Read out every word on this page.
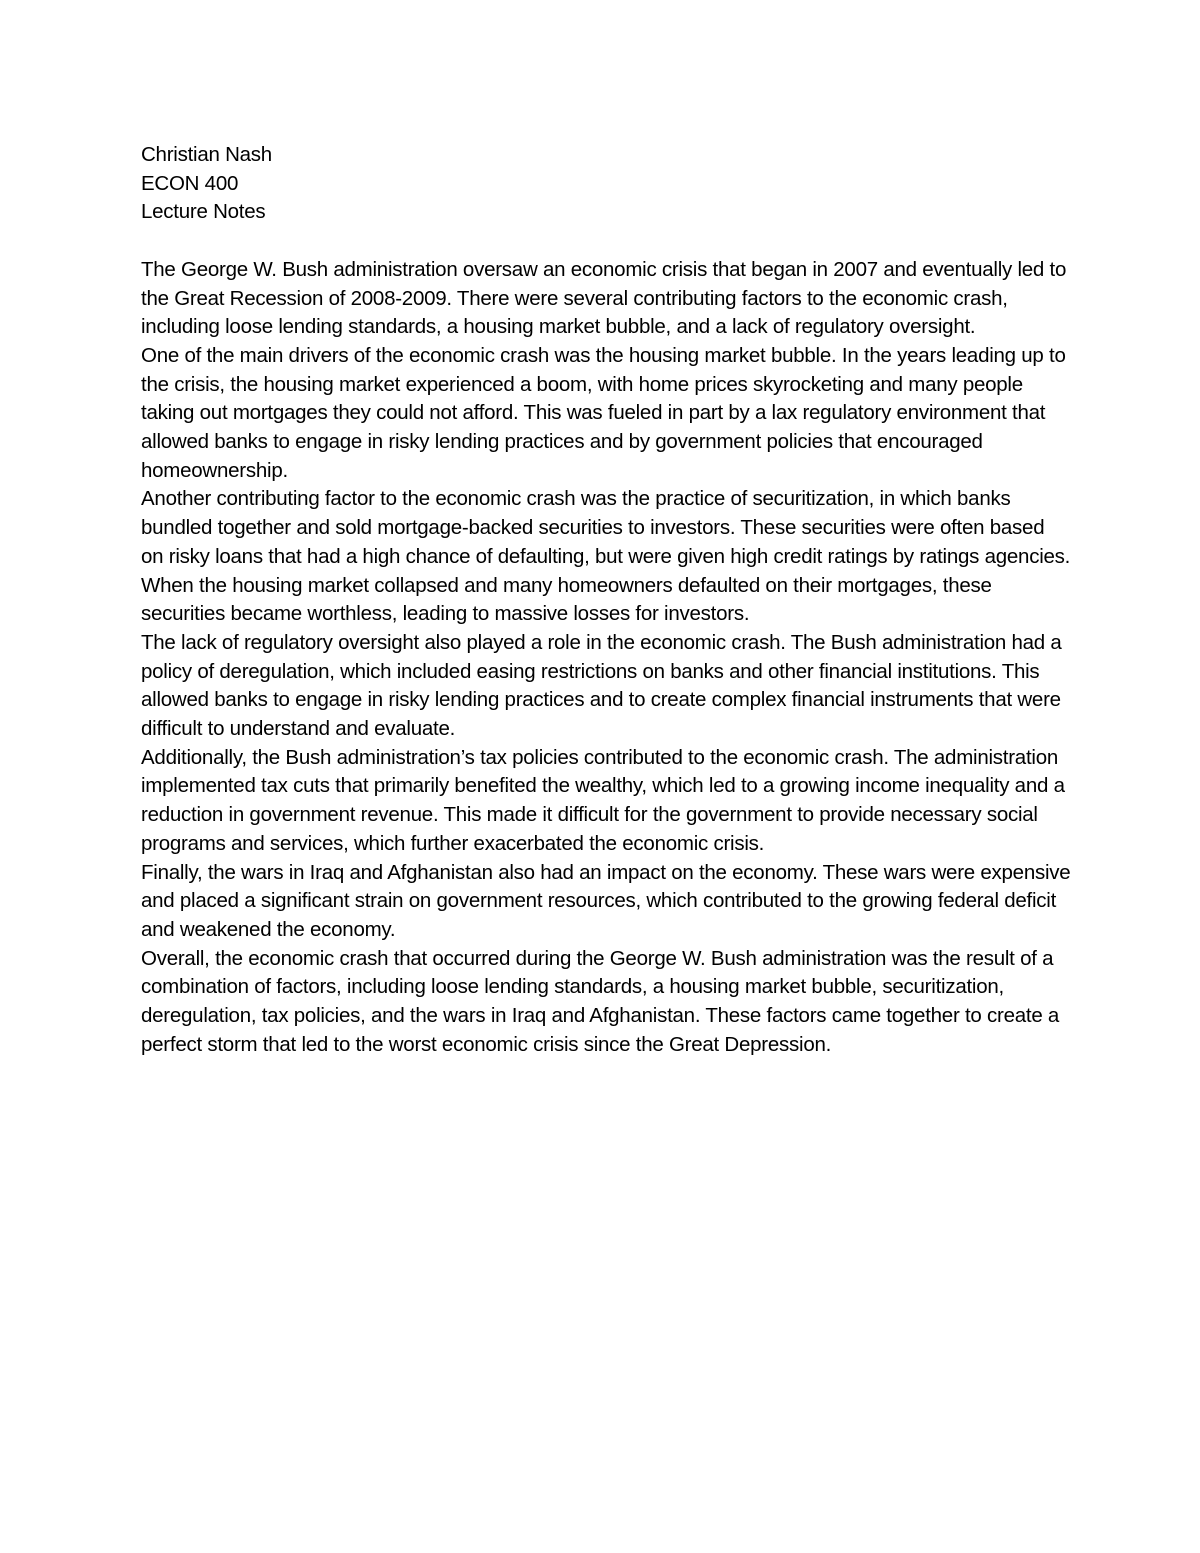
Christian Nash

ECON 400

Lecture Notes

The George W. Bush administration oversaw an economic crisis that began in 2007 and eventually led to the Great Recession of 2008-2009. There were several contributing factors to the economic crash, including loose lending standards, a housing market bubble, and a lack of regulatory oversight.

One of the main drivers of the economic crash was the housing market bubble. In the years leading up to the crisis, the housing market experienced a boom, with home prices skyrocketing and many people taking out mortgages they could not afford. This was fueled in part by a lax regulatory environment that allowed banks to engage in risky lending practices and by government policies that encouraged homeownership.

Another contributing factor to the economic crash was the practice of securitization, in which banks bundled together and sold mortgage-backed securities to investors. These securities were often based on risky loans that had a high chance of defaulting, but were given high credit ratings by ratings agencies. When the housing market collapsed and many homeowners defaulted on their mortgages, these securities became worthless, leading to massive losses for investors.

The lack of regulatory oversight also played a role in the economic crash. The Bush administration had a policy of deregulation, which included easing restrictions on banks and other financial institutions. This allowed banks to engage in risky lending practices and to create complex financial instruments that were difficult to understand and evaluate.

Additionally, the Bush administration’s tax policies contributed to the economic crash. The administration implemented tax cuts that primarily benefited the wealthy, which led to a growing income inequality and a reduction in government revenue. This made it difficult for the government to provide necessary social programs and services, which further exacerbated the economic crisis.

Finally, the wars in Iraq and Afghanistan also had an impact on the economy. These wars were expensive and placed a significant strain on government resources, which contributed to the growing federal deficit and weakened the economy.

Overall, the economic crash that occurred during the George W. Bush administration was the result of a combination of factors, including loose lending standards, a housing market bubble, securitization, deregulation, tax policies, and the wars in Iraq and Afghanistan. These factors came together to create a perfect storm that led to the worst economic crisis since the Great Depression.
